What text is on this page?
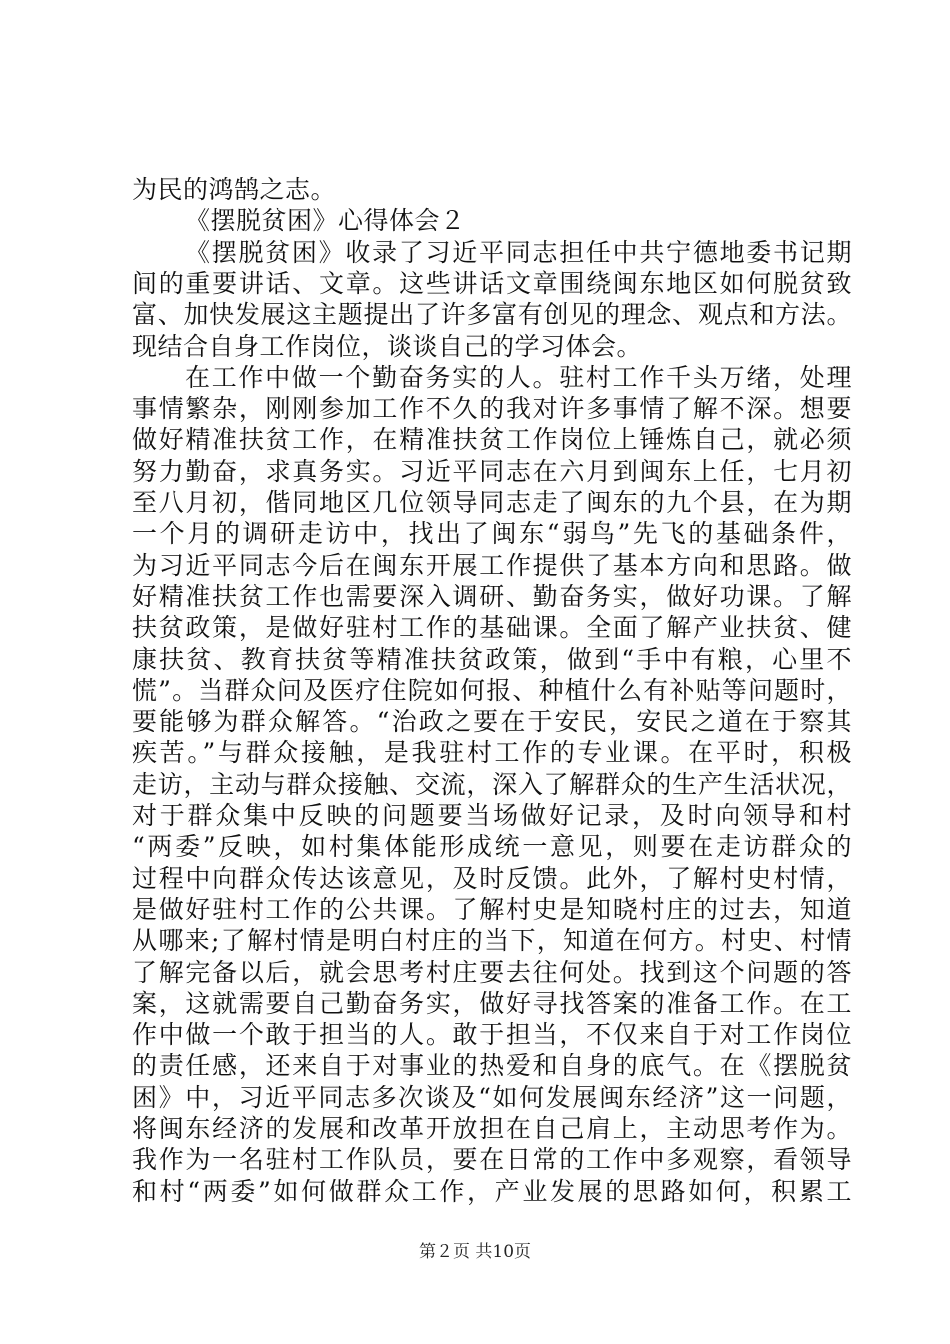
为民的鸿鹄之志。
《摆脱贫困》心得体会２
《摆脱贫困》收录了习近平同志担任中共宁德地委书记期
间的重要讲话、文章。这些讲话文章围绕闽东地区如何脱贫致
富、加快发展这主题提出了许多富有创见的理念、观点和方法。
现结合自身工作岗位，谈谈自己的学习体会。
在工作中做一个勤奋务实的人。驻村工作千头万绪，处理
事情繁杂，刚刚参加工作不久的我对许多事情了解不深。想要
做好精准扶贫工作，在精准扶贫工作岗位上锤炼自己，就必须
努力勤奋，求真务实。习近平同志在六月到闽东上任，七月初
至八月初，偕同地区几位领导同志走了闽东的九个县，在为期
一个月的调研走访中，找出了闽东“弱鸟”先飞的基础条件，
为习近平同志今后在闽东开展工作提供了基本方向和思路。做
好精准扶贫工作也需要深入调研、勤奋务实，做好功课。了解
扶贫政策，是做好驻村工作的基础课。全面了解产业扶贫、健
康扶贫、教育扶贫等精准扶贫政策，做到“手中有粮，心里不
慌”。当群众问及医疗住院如何报、种植什么有补贴等问题时，
要能够为群众解答。“治政之要在于安民，安民之道在于察其
疾苦。”与群众接触，是我驻村工作的专业课。在平时，积极
走访，主动与群众接触、交流，深入了解群众的生产生活状况，
对于群众集中反映的问题要当场做好记录，及时向领导和村
“两委”反映，如村集体能形成统一意见，则要在走访群众的
过程中向群众传达该意见，及时反馈。此外，了解村史村情，
是做好驻村工作的公共课。了解村史是知晓村庄的过去，知道
从哪来;了解村情是明白村庄的当下，知道在何方。村史、村情
了解完备以后，就会思考村庄要去往何处。找到这个问题的答
案，这就需要自己勤奋务实，做好寻找答案的准备工作。在工
作中做一个敢于担当的人。敢于担当，不仅来自于对工作岗位
的责任感，还来自于对事业的热爱和自身的底气。在《摆脱贫
困》中，习近平同志多次谈及“如何发展闽东经济”这一问题，
将闽东经济的发展和改革开放担在自己肩上，主动思考作为。
我作为一名驻村工作队员，要在日常的工作中多观察，看领导
和村“两委”如何做群众工作，产业发展的思路如何，积累工
第２页 共10页
